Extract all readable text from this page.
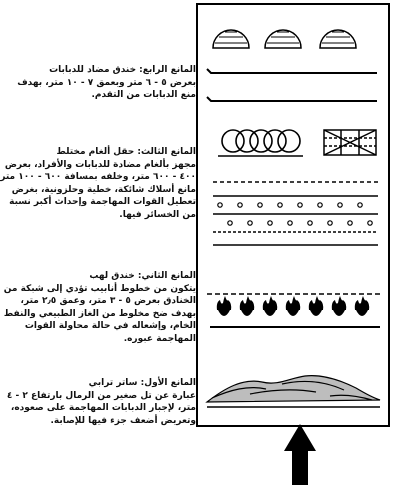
المانع الرابع: خندق مضاد للدبابات
بعرض ٥ - ٦ متر وبعمق ٧ - ١٠ متر، بهدف منع الدبابات من التقدم.
المانع الثالث: حقل ألغام مختلط
مجهز بألغام مضادة للدبابات والأفراد، بعرض ٤٠٠ - ٦٠٠ متر، وخلفه بمسافة ٦٠٠ - ١٠٠ متر مانع أسلاك شائكة، خطية وحلزونية، بغرض تعطيل القوات المهاجمة وإحداث أكبر نسبة من الخسائر فيها.
المانع الثاني: خندق لهب
يتكون من خطوط أنابيب تؤدي إلى شبكة من الخنادق بعرض ٥ - ٣ متر، وعمق ٢٫٥ متر، بهدف ضخ مخلوط من الغاز الطبيعي والنفط الخام، وإشعاله في حالة محاولة القوات المهاجمة عبوره.
المانع الأول: ساتر ترابي
عبارة عن تل صغير من الرمال بارتفاع ٢ - ٤ متر، لإجبار الدبابات المهاجمة على صعوده، وتعريض أضعف جزء فيها للإصابة.
